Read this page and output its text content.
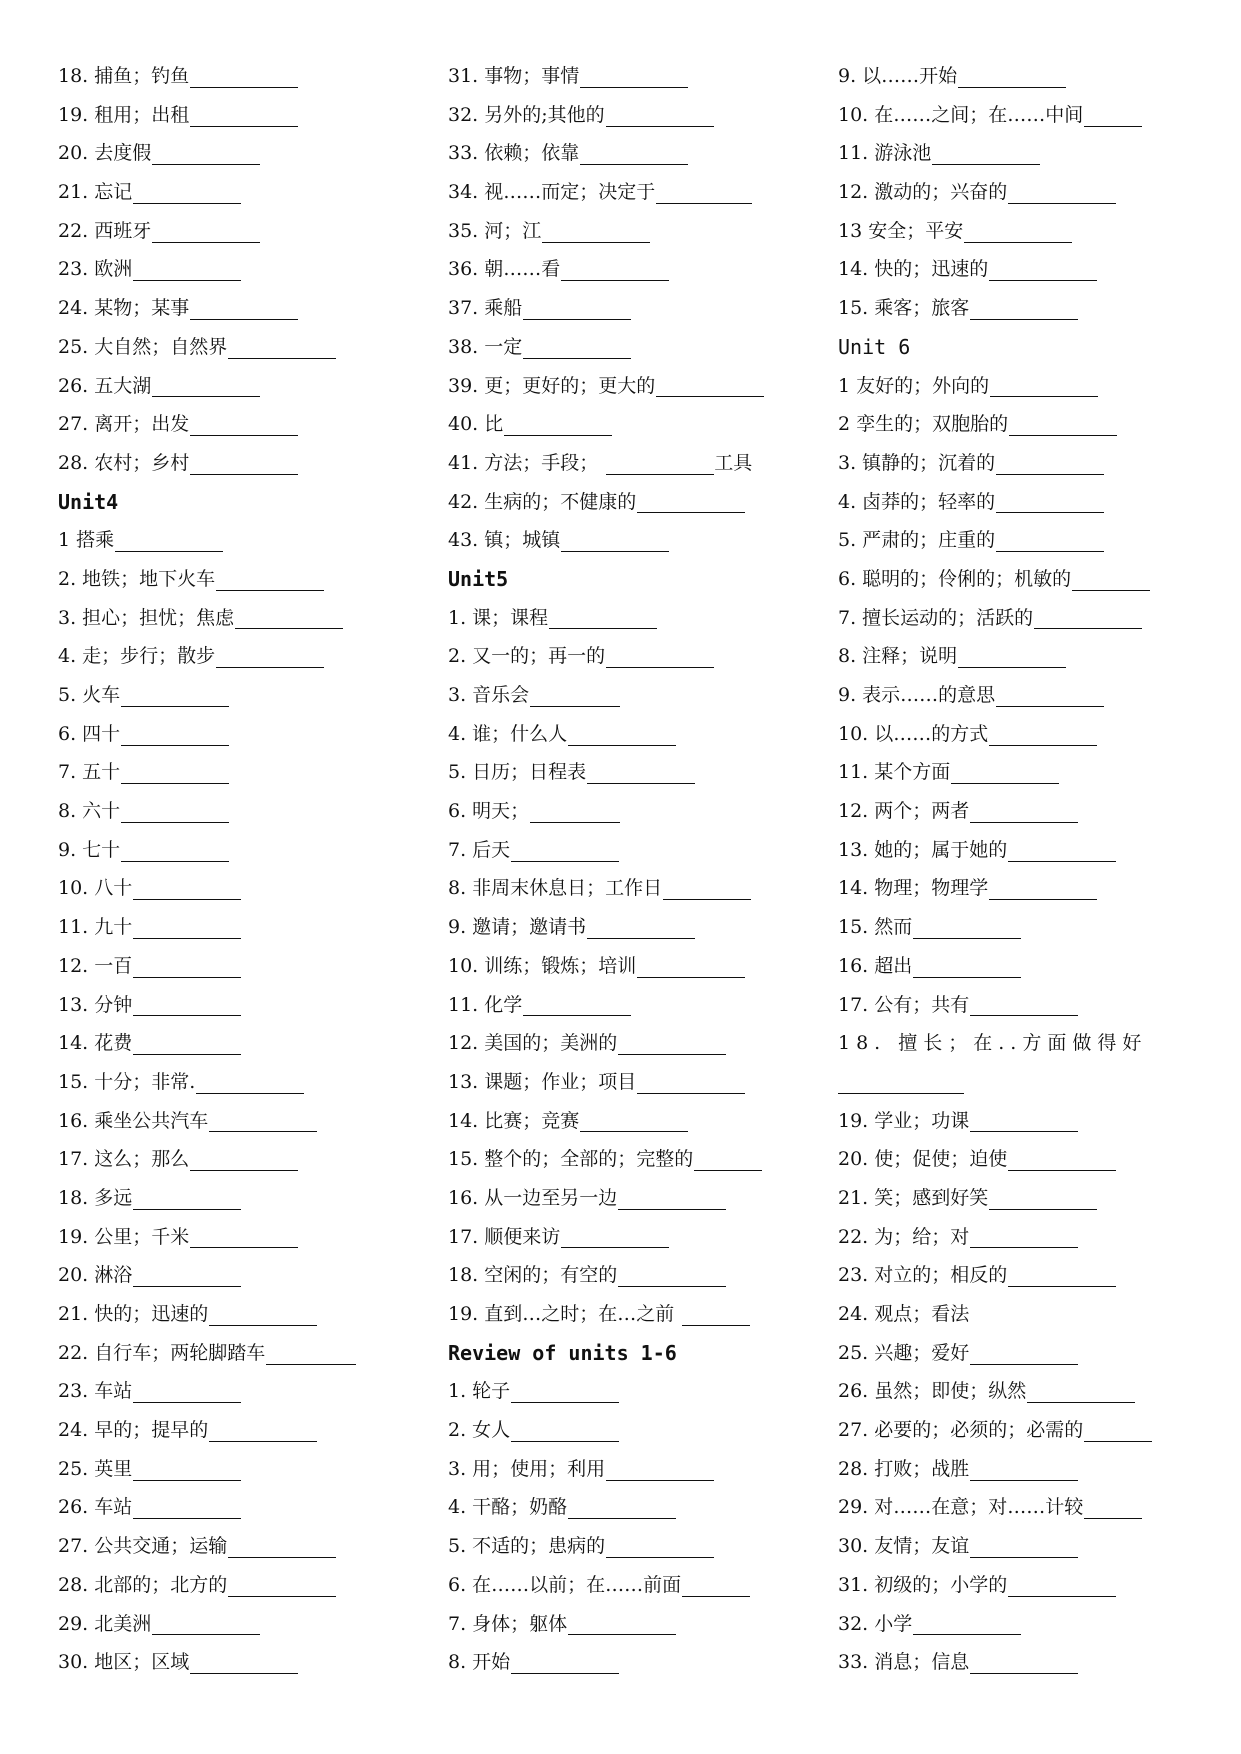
18. 捕鱼；钓鱼
19. 租用；出租
20. 去度假
21. 忘记
22. 西班牙
23. 欧洲
24. 某物；某事
25. 大自然；自然界
26. 五大湖
27. 离开；出发
28. 农村；乡村
Unit4
1 搭乘
2. 地铁；地下火车
3. 担心；担忧；焦虑
4. 走；步行；散步
5. 火车
6. 四十
7. 五十
8. 六十
9. 七十
10. 八十
11. 九十
12. 一百
13. 分钟
14. 花费
15. 十分；非常.
16. 乘坐公共汽车
17. 这么；那么
18. 多远
19. 公里；千米
20. 淋浴
21. 快的；迅速的
22. 自行车；两轮脚踏车
23. 车站
24. 早的；提早的
25. 英里
26. 车站
27. 公共交通；运输
28. 北部的；北方的
29. 北美洲
30. 地区；区域
31. 事物；事情
32. 另外的;其他的
33. 依赖；依靠
34. 视……而定；决定于
35. 河；江
36. 朝……看
37. 乘船
38. 一定
39. 更；更好的；更大的
40. 比
41. 方法；手段；	工具
42. 生病的；不健康的
43. 镇；城镇
Unit5
1. 课；课程
2. 又一的；再一的
3. 音乐会
4. 谁；什么人
5. 日历；日程表
6. 明天；
7. 后天
8. 非周末休息日；工作日
9. 邀请；邀请书
10. 训练；锻炼；培训
11. 化学
12. 美国的；美洲的
13. 课题；作业；项目
14. 比赛；竞赛
15. 整个的；全部的；完整的
16. 从一边至另一边
17. 顺便来访
18. 空闲的；有空的
19. 直到…之时；在…之前
Review of units 1-6
1. 轮子
2. 女人
3. 用；使用；利用
4. 干酪；奶酪
5. 不适的；患病的
6. 在……以前；在……前面
7. 身体；躯体
8. 开始
9. 以……开始
10. 在……之间；在……中间
11. 游泳池
12. 激动的；兴奋的
13 安全；平安
14. 快的；迅速的
15. 乘客；旅客
Unit 6
1 友好的；外向的
2 孪生的；双胞胎的
3. 镇静的；沉着的
4. 卤莽的；轻率的
5. 严肃的；庄重的
6. 聪明的；伶俐的；机敏的
7. 擅长运动的；活跃的
8. 注释；说明
9. 表示……的意思
10. 以……的方式
11. 某个方面
12. 两个；两者
13. 她的；属于她的
14. 物理；物理学
15. 然而
16. 超出
17. 公有；共有
18. 擅长；在..方面做得好
19. 学业；功课
20. 使；促使；迫使
21. 笑；感到好笑
22. 为；给；对
23. 对立的；相反的
24. 观点；看法
25. 兴趣；爱好
26. 虽然；即使；纵然
27. 必要的；必须的；必需的
28. 打败；战胜
29. 对……在意；对……计较
30. 友情；友谊
31. 初级的；小学的
32. 小学
33. 消息；信息
